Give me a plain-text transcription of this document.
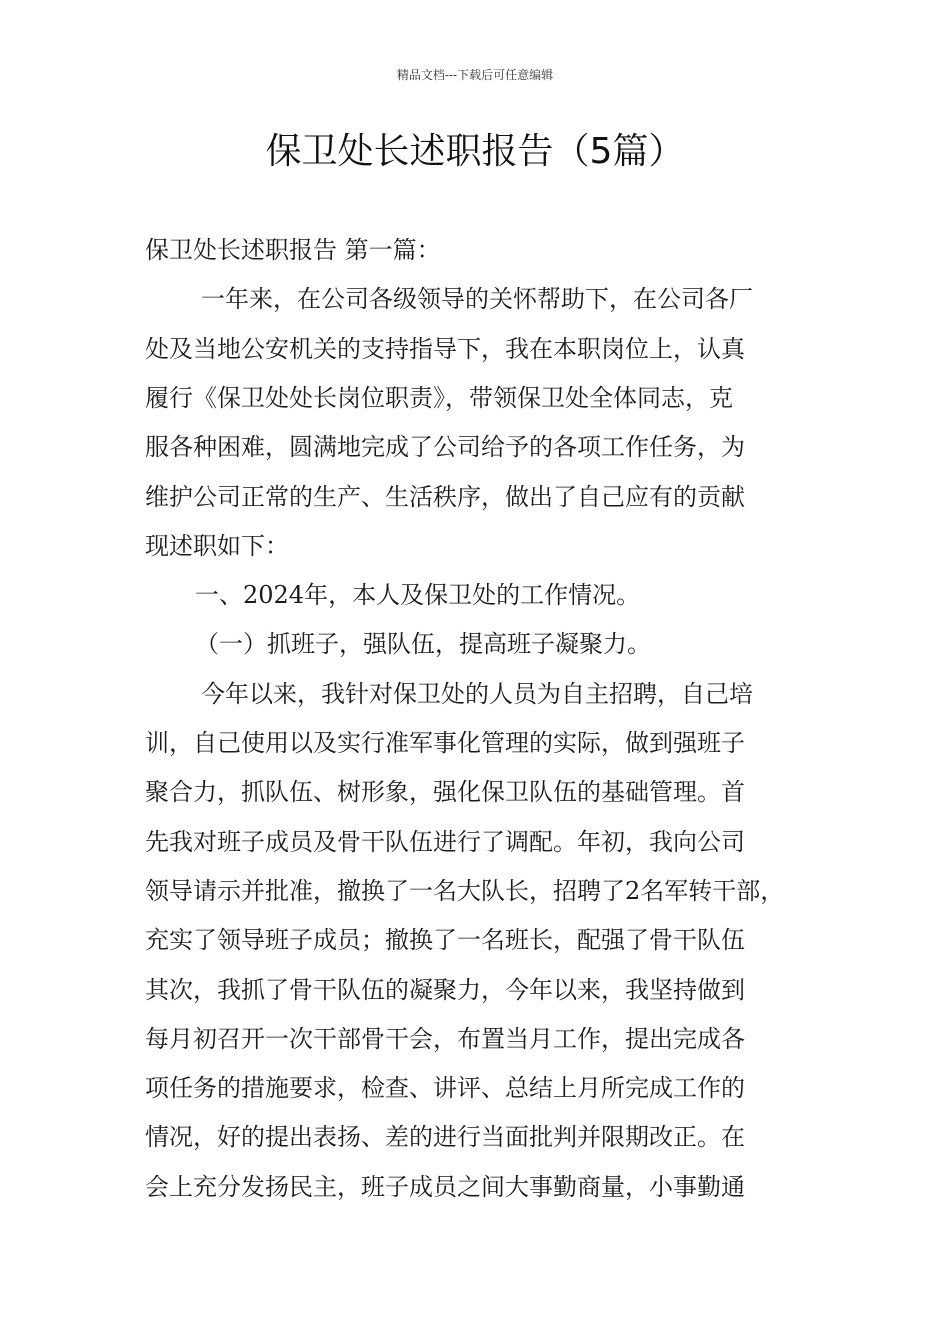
精品文档---下载后可任意编辑
保卫处长述职报告（5篇）
保卫处长述职报告 第一篇：
一年来，在公司各级领导的关怀帮助下，在公司各厂
处及当地公安机关的支持指导下，我在本职岗位上，认真
履行《保卫处处长岗位职责》，带领保卫处全体同志，克
服各种困难，圆满地完成了公司给予的各项工作任务，为
维护公司正常的生产、生活秩序，做出了自己应有的贡献
现述职如下：
一、2024年，本人及保卫处的工作情况。
（一）抓班子，强队伍，提高班子凝聚力。
今年以来，我针对保卫处的人员为自主招聘，自己培
训，自己使用以及实行准军事化管理的实际，做到强班子
聚合力，抓队伍、树形象，强化保卫队伍的基础管理。首
先我对班子成员及骨干队伍进行了调配。年初，我向公司
领导请示并批准，撤换了一名大队长，招聘了2名军转干部，
充实了领导班子成员；撤换了一名班长，配强了骨干队伍
其次，我抓了骨干队伍的凝聚力，今年以来，我坚持做到
每月初召开一次干部骨干会，布置当月工作，提出完成各
项任务的措施要求，检查、讲评、总结上月所完成工作的
情况，好的提出表扬、差的进行当面批判并限期改正。在
会上充分发扬民主，班子成员之间大事勤商量，小事勤通
